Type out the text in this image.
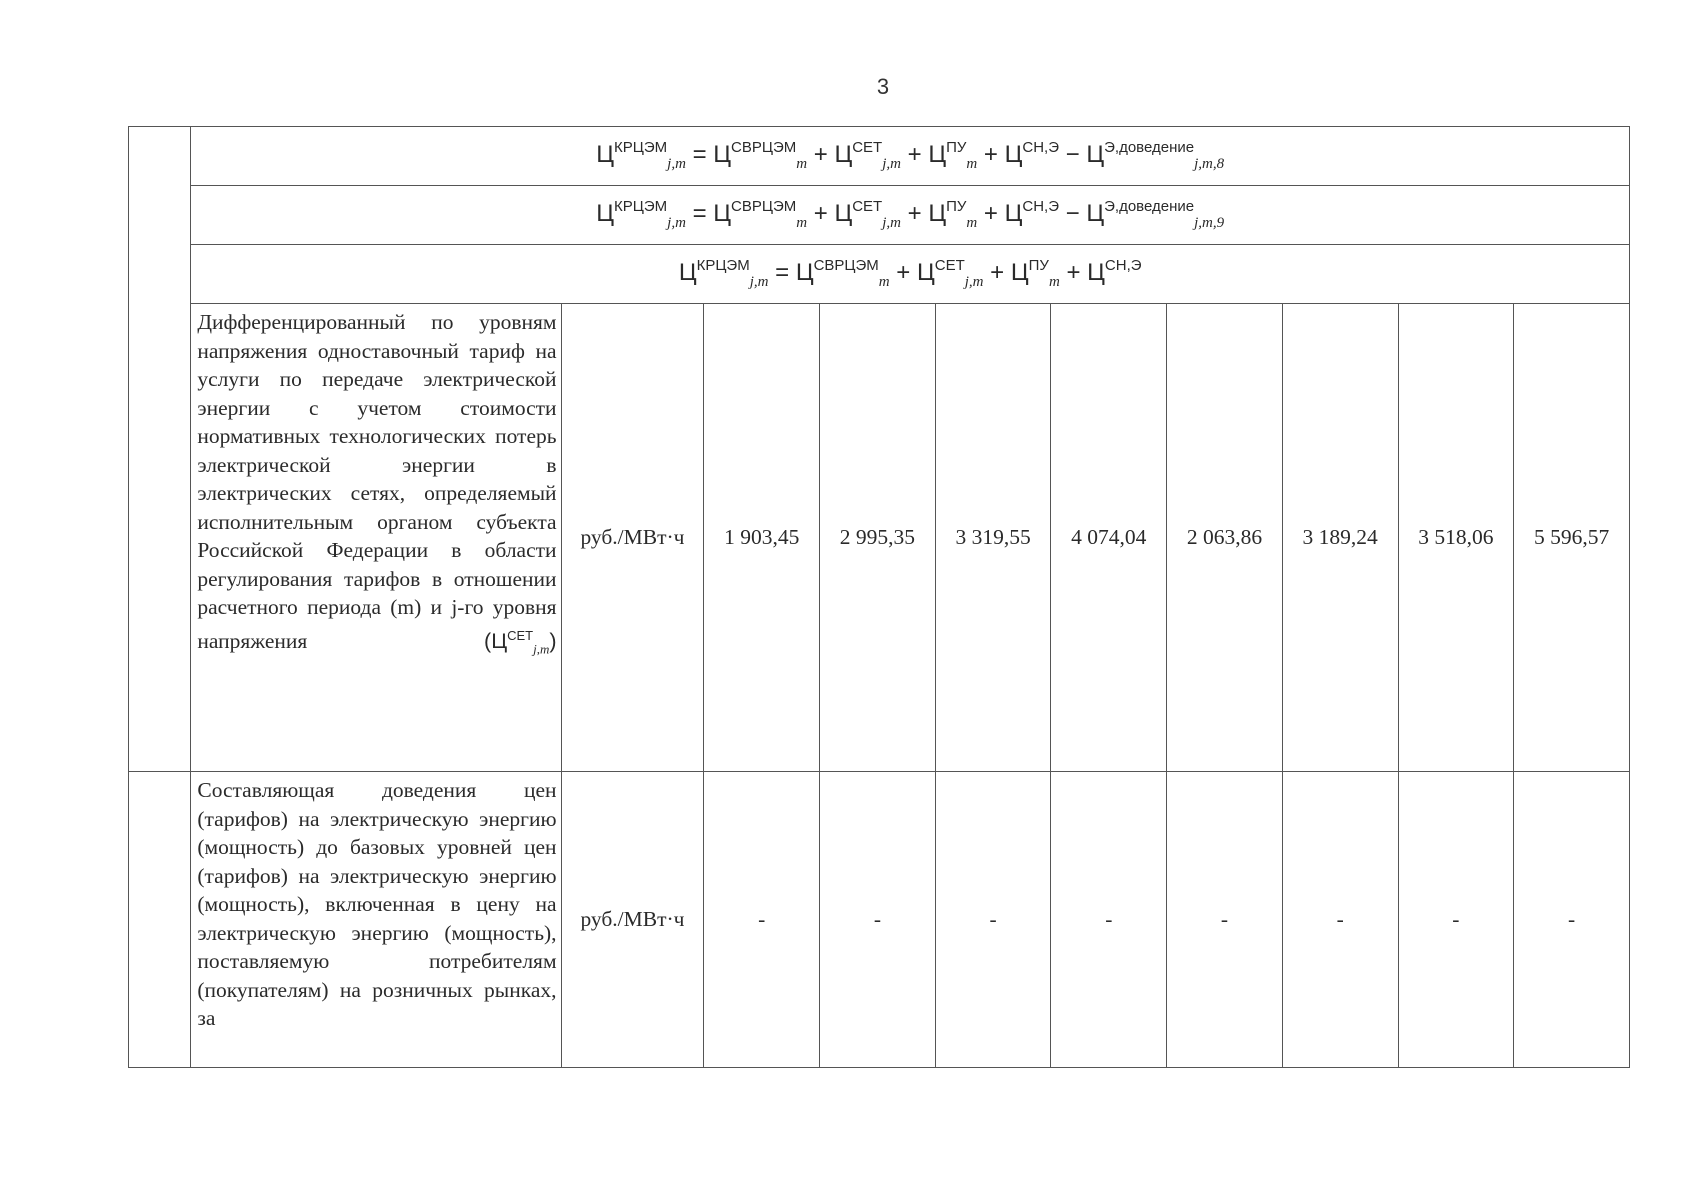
3
	$Ц^{КРЦЭМ}_{j,m} = Ц^{СВРЦЭМ}_m + Ц^{СЕТ}_{j,m} + Ц^{ПУ}_m + Ц^{СН,Э} - Ц^{Э,доведение}_{j,m,8}$
	$Ц^{КРЦЭМ}_{j,m} = Ц^{СВРЦЭМ}_m + Ц^{СЕТ}_{j,m} + Ц^{ПУ}_m + Ц^{СН,Э} - Ц^{Э,доведение}_{j,m,9}$
	$Ц^{КРЦЭМ}_{j,m} = Ц^{СВРЦЭМ}_m + Ц^{СЕТ}_{j,m} + Ц^{ПУ}_m + Ц^{СН,Э}$
	Дифференцированный по уровням напряжения одноставочный тариф на услуги по передаче электрической энергии с учетом стоимости нормативных технологических потерь электрической энергии в электрических сетях, определяемый исполнительным органом субъекта Российской Федерации в области регулирования тарифов в отношении расчетного периода (m) и j-го уровня напряжения $(Ц^{СЕТ}_{j,m})$	руб./МВт·ч	1 903,45	2 995,35	3 319,55	4 074,04	2 063,86	3 189,24	3 518,06	5 596,57
	Составляющая доведения цен (тарифов) на электрическую энергию (мощность) до базовых уровней цен (тарифов) на электрическую энергию (мощность), включенная в цену на электрическую энергию (мощность), поставляемую потребителям (покупателям) на розничных рынках, за	руб./МВт·ч	-	-	-	-	-	-	-	-
